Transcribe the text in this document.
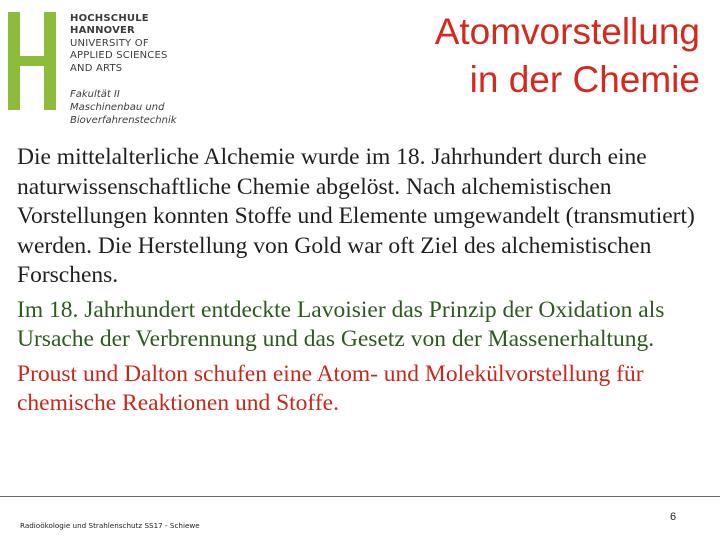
HOCHSCHULE
HANNOVER
UNIVERSITY OF
APPLIED SCIENCES
AND ARTS
Fakultät II
Maschinenbau und
Bioverfahrenstechnik
Atomvorstellung
in der Chemie

Die mittelalterliche Alchemie wurde im 18. Jahrhundert durch eine naturwissenschaftliche Chemie abgelöst. Nach alchemistischen Vorstellungen konnten Stoffe und Elemente umgewandelt (transmutiert) werden. Die Herstellung von Gold war oft Ziel des alchemistischen Forschens.

Im 18. Jahrhundert entdeckte Lavoisier das Prinzip der Oxidation als Ursache der Verbrennung und das Gesetz von der Massenerhaltung.

Proust und Dalton schufen eine Atom- und Molekülvorstellung für chemische Reaktionen und Stoffe.

Radioökologie und Strahlenschutz SS17 - Schiewe
6
